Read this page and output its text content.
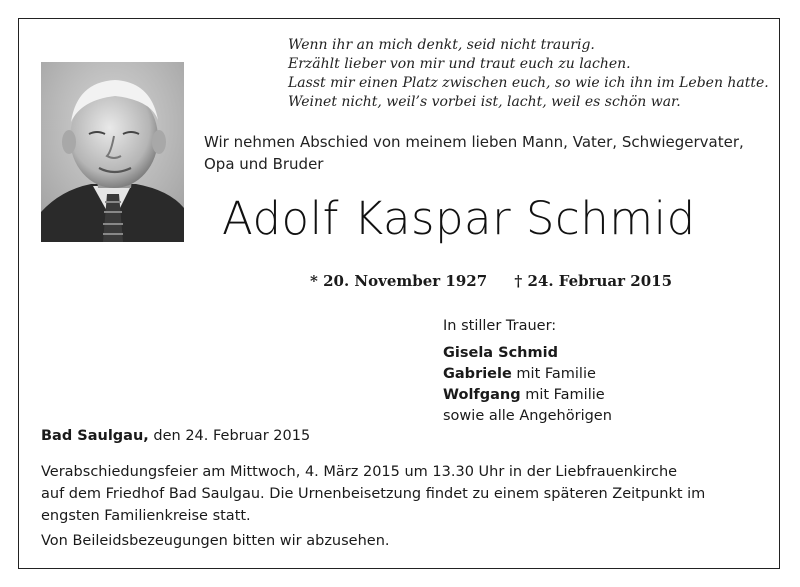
Wenn ihr an mich denkt, seid nicht traurig.
Erzählt lieber von mir und traut euch zu lachen.
Lasst mir einen Platz zwischen euch, so wie ich ihn im Leben hatte.
Weinet nicht, weil’s vorbei ist, lacht, weil es schön war.
Wir nehmen Abschied von meinem lieben Mann, Vater, Schwiegervater,
Opa und Bruder
Adolf Kaspar Schmid
* 20. November 1927 † 24. Februar 2015
In stiller Trauer:
Gisela Schmid
Gabriele mit Familie
Wolfgang mit Familie
sowie alle Angehörigen
Bad Saulgau, den 24. Februar 2015
Verabschiedungsfeier am Mittwoch, 4. März 2015 um 13.30 Uhr in der Liebfrauenkirche
auf dem Friedhof Bad Saulgau. Die Urnenbeisetzung findet zu einem späteren Zeitpunkt im
engsten Familienkreise statt.
Von Beileidsbezeugungen bitten wir abzusehen.
